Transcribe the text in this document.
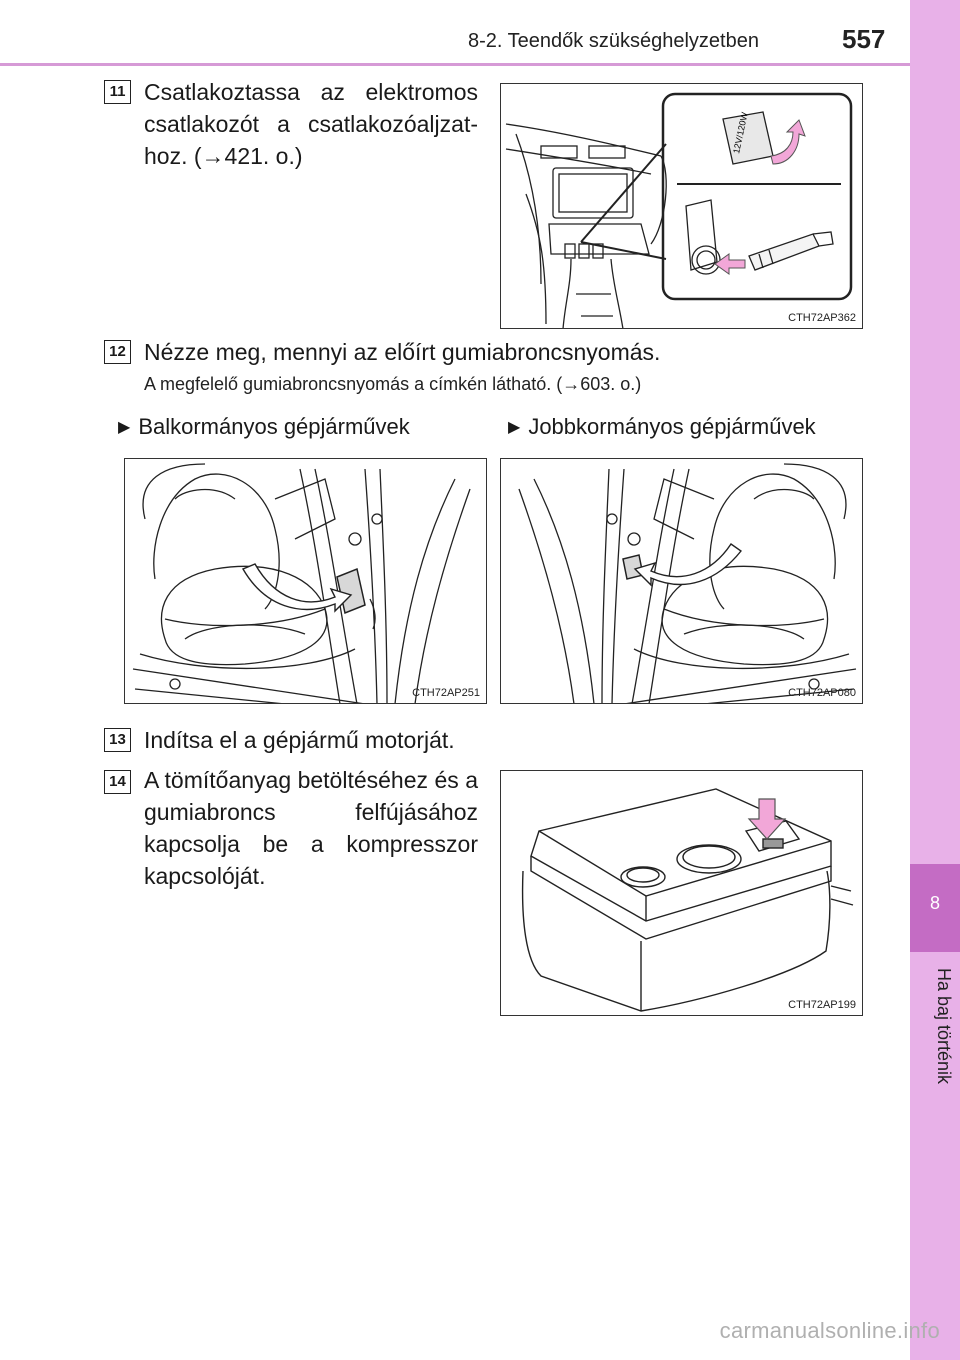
8-2. Teendők szükséghelyzetben	557
8
Ha baj történik
11 Csatlakoztassa az elektromos csatlakozót a csatlakozóaljzat-hoz. (→421. o.)
12V/120W
CTH72AP362
12 Nézze meg, mennyi az előírt gumiabroncsnyomás.
A megfelelő gumiabroncsnyomás a címkén látható. (→603. o.)
▶ Balkormányos gépjárművek	▶ Jobbkormányos gépjárművek
CTH72AP251	CTH72AP080
13 Indítsa el a gépjármű motorját.
14 A tömítőanyag betöltéséhez és a gumiabroncs felfújásához kapcsolja be a kompresszor kapcsolóját.
CTH72AP199
carmanualsonline.info
